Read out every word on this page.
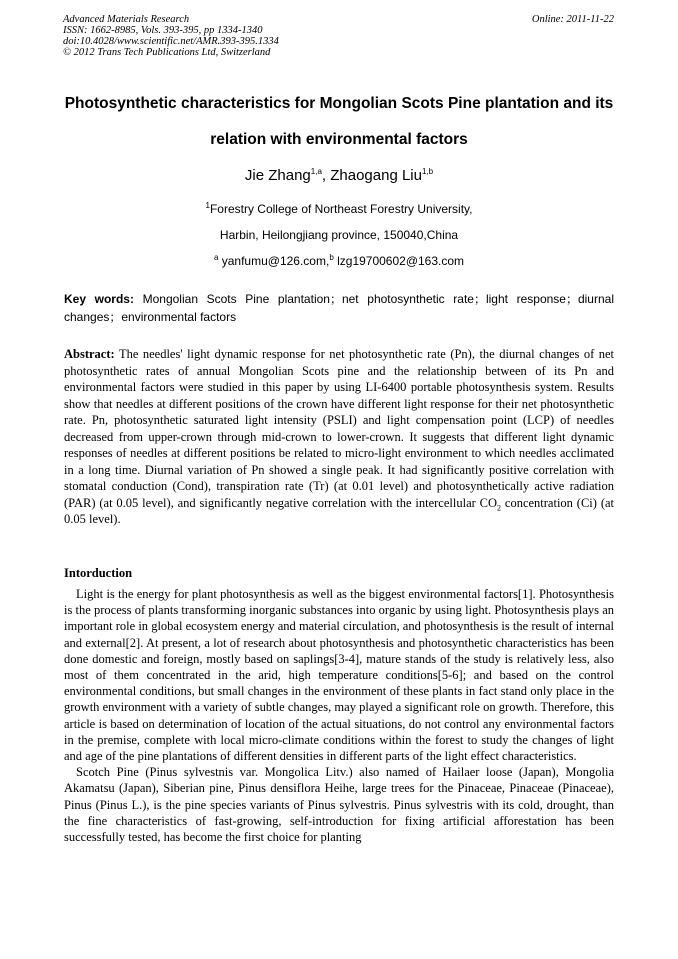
Advanced Materials Research
ISSN: 1662-8985, Vols. 393-395, pp 1334-1340
doi:10.4028/www.scientific.net/AMR.393-395.1334
© 2012 Trans Tech Publications Ltd, Switzerland
Online: 2011-11-22
Photosynthetic characteristics for Mongolian Scots Pine plantation and its relation with environmental factors
Jie Zhang$^{1,a}$, Zhaogang Liu$^{1,b}$
$^1$Forestry College of Northeast Forestry University,
Harbin, Heilongjiang province, 150040,China
$^a$ yanfumu@126.com,$^b$ lzg19700602@163.com
Key words: Mongolian Scots Pine plantation；net photosynthetic rate；light response；diurnal changes；environmental factors
Abstract: The needles' light dynamic response for net photosynthetic rate (Pn), the diurnal changes of net photosynthetic rates of annual Mongolian Scots pine and the relationship between of its Pn and environmental factors were studied in this paper by using LI-6400 portable photosynthesis system. Results show that needles at different positions of the crown have different light response for their net photosynthetic rate. Pn, photosynthetic saturated light intensity (PSLI) and light compensation point (LCP) of needles decreased from upper-crown through mid-crown to lower-crown. It suggests that different light dynamic responses of needles at different positions be related to micro-light environment to which needles acclimated in a long time. Diurnal variation of Pn showed a single peak. It had significantly positive correlation with stomatal conduction (Cond), transpiration rate (Tr) (at 0.01 level) and photosynthetically active radiation (PAR) (at 0.05 level), and significantly negative correlation with the intercellular $CO_2$ concentration (Ci) (at 0.05 level).
Intorduction

Light is the energy for plant photosynthesis as well as the biggest environmental factors[1]. Photosynthesis is the process of plants transforming inorganic substances into organic by using light. Photosynthesis plays an important role in global ecosystem energy and material circulation, and photosynthesis is the result of internal and external[2]. At present, a lot of research about photosynthesis and photosynthetic characteristics has been done domestic and foreign, mostly based on saplings[3-4], mature stands of the study is relatively less, also most of them concentrated in the arid, high temperature conditions[5-6]; and based on the control environmental conditions, but small changes in the environment of these plants in fact stand only place in the growth environment with a variety of subtle changes, may played a significant role on growth. Therefore, this article is based on determination of location of the actual situations, do not control any environmental factors in the premise, complete with local micro-climate conditions within the forest to study the changes of light and age of the pine plantations of different densities in different parts of the light effect characteristics.

Scotch Pine (Pinus sylvestnis var. Mongolica Litv.) also named of Hailaer loose (Japan), Mongolia Akamatsu (Japan), Siberian pine, Pinus densiflora Heihe, large trees for the Pinaceae, Pinaceae (Pinaceae), Pinus (Pinus L.), is the pine species variants of Pinus sylvestris. Pinus sylvestris with its cold, drought, than the fine characteristics of fast-growing, self-introduction for fixing artificial afforestation has been successfully tested, has become the first choice for planting
